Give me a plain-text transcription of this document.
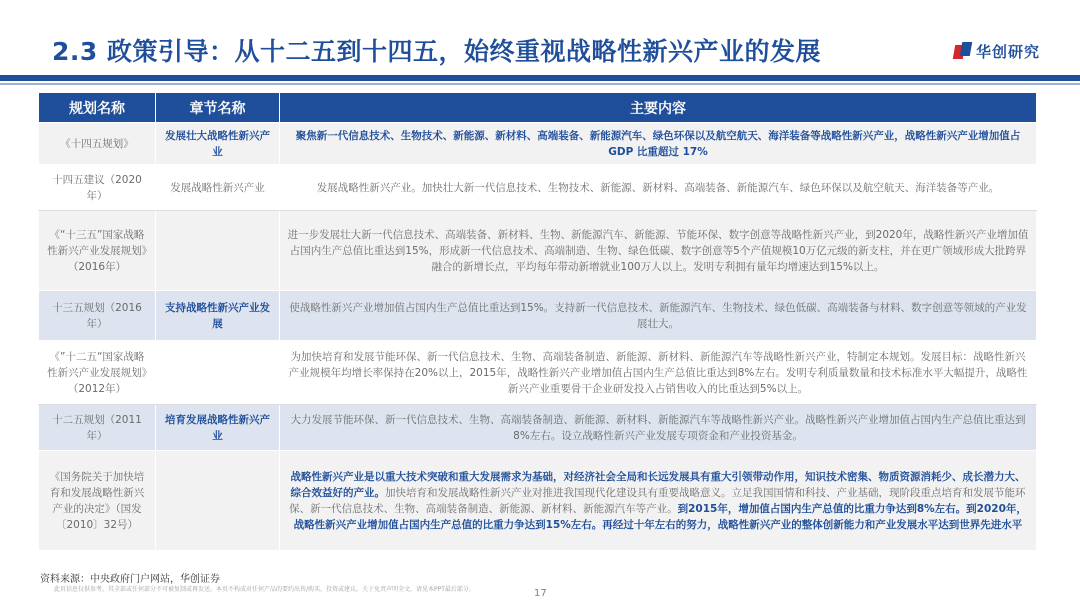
2.3 政策引导：从十二五到十四五，始终重视战略性新兴产业的发展	华创研究
规划名称	章节名称	主要内容
《十四五规划》	发展壮大战略性新兴产业	聚焦新一代信息技术、生物技术、新能源、新材料、高端装备、新能源汽车、绿色环保以及航空航天、海洋装备等战略性新兴产业，战略性新兴产业增加值占 GDP 比重超过 17%
十四五建议（2020年）	发展战略性新兴产业	发展战略性新兴产业。加快壮大新一代信息技术、生物技术、新能源、新材料、高端装备、新能源汽车、绿色环保以及航空航天、海洋装备等产业。
《“十三五”国家战略性新兴产业发展规划》（2016年）		进一步发展壮大新一代信息技术、高端装备、新材料、生物、新能源汽车、新能源、节能环保、数字创意等战略性新兴产业，到2020年，战略性新兴产业增加值占国内生产总值比重达到15%，形成新一代信息技术、高端制造、生物、绿色低碳、数字创意等5个产值规模10万亿元级的新支柱，并在更广领域形成大批跨界融合的新增长点，平均每年带动新增就业100万人以上。发明专利拥有量年均增速达到15%以上。
十三五规划（2016年）	支持战略性新兴产业发展	使战略性新兴产业增加值占国内生产总值比重达到15%。支持新一代信息技术、新能源汽车、生物技术、绿色低碳、高端装备与材料、数字创意等领域的产业发展壮大。
《”十二五“国家战略性新兴产业发展规划》（2012年）		为加快培育和发展节能环保、新一代信息技术、生物、高端装备制造、新能源、新材料、新能源汽车等战略性新兴产业，特制定本规划。发展目标：战略性新兴产业规模年均增长率保持在20%以上，2015年，战略性新兴产业增加值占国内生产总值比重达到8%左右。发明专利质量数量和技术标准水平大幅提升，战略性新兴产业重要骨干企业研发投入占销售收入的比重达到5%以上。
十二五规划（2011年）	培育发展战略性新兴产业	大力发展节能环保、新一代信息技术、生物、高端装备制造、新能源、新材料、新能源汽车等战略性新兴产业。战略性新兴产业增加值占国内生产总值比重达到8%左右。设立战略性新兴产业发展专项资金和产业投资基金。
《国务院关于加快培育和发展战略性新兴产业的决定》（国发〔2010〕32号）		战略性新兴产业是以重大技术突破和重大发展需求为基础，对经济社会全局和长远发展具有重大引领带动作用，知识技术密集、物质资源消耗少、成长潜力大、综合效益好的产业。加快培育和发展战略性新兴产业对推进我国现代化建设具有重要战略意义。立足我国国情和科技、产业基础，现阶段重点培育和发展节能环保、新一代信息技术、生物、高端装备制造、新能源、新材料、新能源汽车等产业。到2015年，增加值占国内生产总值的比重力争达到8%左右。到2020年，战略性新兴产业增加值占国内生产总值的比重力争达到15%左右。再经过十年左右的努力，战略性新兴产业的整体创新能力和产业发展水平达到世界先进水平
资料来源：中央政府门户网站，华创证券
此页信息仅供参考。其全部或任何部分不可被复制或再发送。本页不构成对任何产品的要约出售/购买，投资或建议。关于免责声明全文，请见本PPT最后部分。	17
